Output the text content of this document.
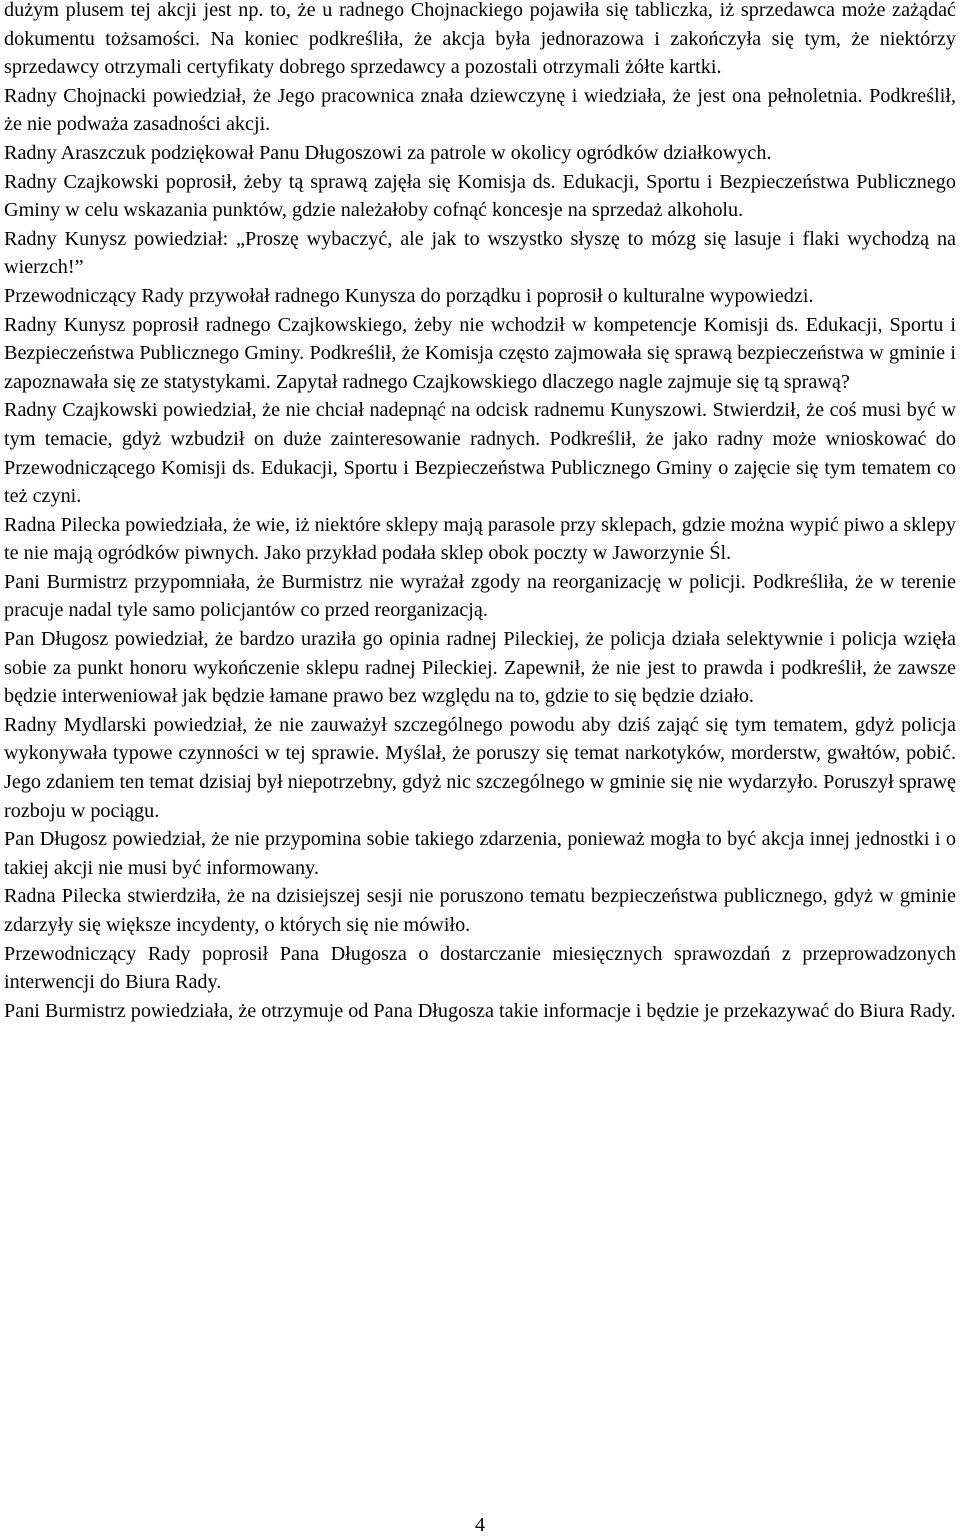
dużym plusem tej akcji jest np. to, że u radnego Chojnackiego pojawiła się tabliczka, iż sprzedawca może zażądać dokumentu tożsamości. Na koniec podkreśliła, że akcja była jednorazowa i zakończyła się tym, że niektórzy sprzedawcy otrzymali certyfikaty dobrego sprzedawcy a pozostali otrzymali żółte kartki.

Radny Chojnacki powiedział, że Jego pracownica znała dziewczynę i wiedziała, że jest ona pełnoletnia. Podkreślił, że nie podważa zasadności akcji.

Radny Araszczuk podziękował Panu Długoszowi za patrole w okolicy ogródków działkowych.

Radny Czajkowski poprosił, żeby tą sprawą zajęła się Komisja ds. Edukacji, Sportu i Bezpieczeństwa Publicznego Gminy w celu wskazania punktów, gdzie należałoby cofnąć koncesje na sprzedaż alkoholu.

Radny Kunysz powiedział: „Proszę wybaczyć, ale jak to wszystko słyszę to mózg się lasuje i flaki wychodzą na wierzch!”

Przewodniczący Rady przywołał radnego Kunysza do porządku i poprosił o kulturalne wypowiedzi.

Radny Kunysz poprosił radnego Czajkowskiego, żeby nie wchodził w kompetencje Komisji ds. Edukacji, Sportu i Bezpieczeństwa Publicznego Gminy. Podkreślił, że Komisja często zajmowała się sprawą bezpieczeństwa w gminie i zapoznawała się ze statystykami. Zapytał radnego Czajkowskiego dlaczego nagle zajmuje się tą sprawą?

Radny Czajkowski powiedział, że nie chciał nadepnąć na odcisk radnemu Kunyszowi. Stwierdził, że coś musi być w tym temacie, gdyż wzbudził on duże zainteresowanie radnych. Podkreślił, że jako radny może wnioskować do Przewodniczącego Komisji ds. Edukacji, Sportu i Bezpieczeństwa Publicznego Gminy o zajęcie się tym tematem co też czyni.

Radna Pilecka powiedziała, że wie, iż niektóre sklepy mają parasole przy sklepach, gdzie można wypić piwo a sklepy te nie mają ogródków piwnych. Jako przykład podała sklep obok poczty w Jaworzynie Śl.

Pani Burmistrz przypomniała, że Burmistrz nie wyrażał zgody na reorganizację w policji. Podkreśliła, że w terenie pracuje nadal tyle samo policjantów co przed reorganizacją.

Pan Długosz powiedział, że bardzo uraziła go opinia radnej Pileckiej, że policja działa selektywnie i policja wzięła sobie za punkt honoru wykończenie sklepu radnej Pileckiej. Zapewnił, że nie jest to prawda i podkreślił, że zawsze będzie interweniował jak będzie łamane prawo bez względu na to, gdzie to się będzie działo.

Radny Mydlarski powiedział, że nie zauważył szczególnego powodu aby dziś zająć się tym tematem, gdyż policja wykonywała typowe czynności w tej sprawie. Myślał, że poruszy się temat narkotyków, morderstw, gwałtów, pobić. Jego zdaniem ten temat dzisiaj był niepotrzebny, gdyż nic szczególnego w gminie się nie wydarzyło. Poruszył sprawę rozboju w pociągu.

Pan Długosz powiedział, że nie przypomina sobie takiego zdarzenia, ponieważ mogła to być akcja innej jednostki i o takiej akcji nie musi być informowany.

Radna Pilecka stwierdziła, że na dzisiejszej sesji nie poruszono tematu bezpieczeństwa publicznego, gdyż w gminie zdarzyły się większe incydenty, o których się nie mówiło.

Przewodniczący Rady poprosił Pana Długosza o dostarczanie miesięcznych sprawozdań z przeprowadzonych interwencji do Biura Rady.

Pani Burmistrz powiedziała, że otrzymuje od Pana Długosza takie informacje i będzie je przekazywać do Biura Rady.

4
